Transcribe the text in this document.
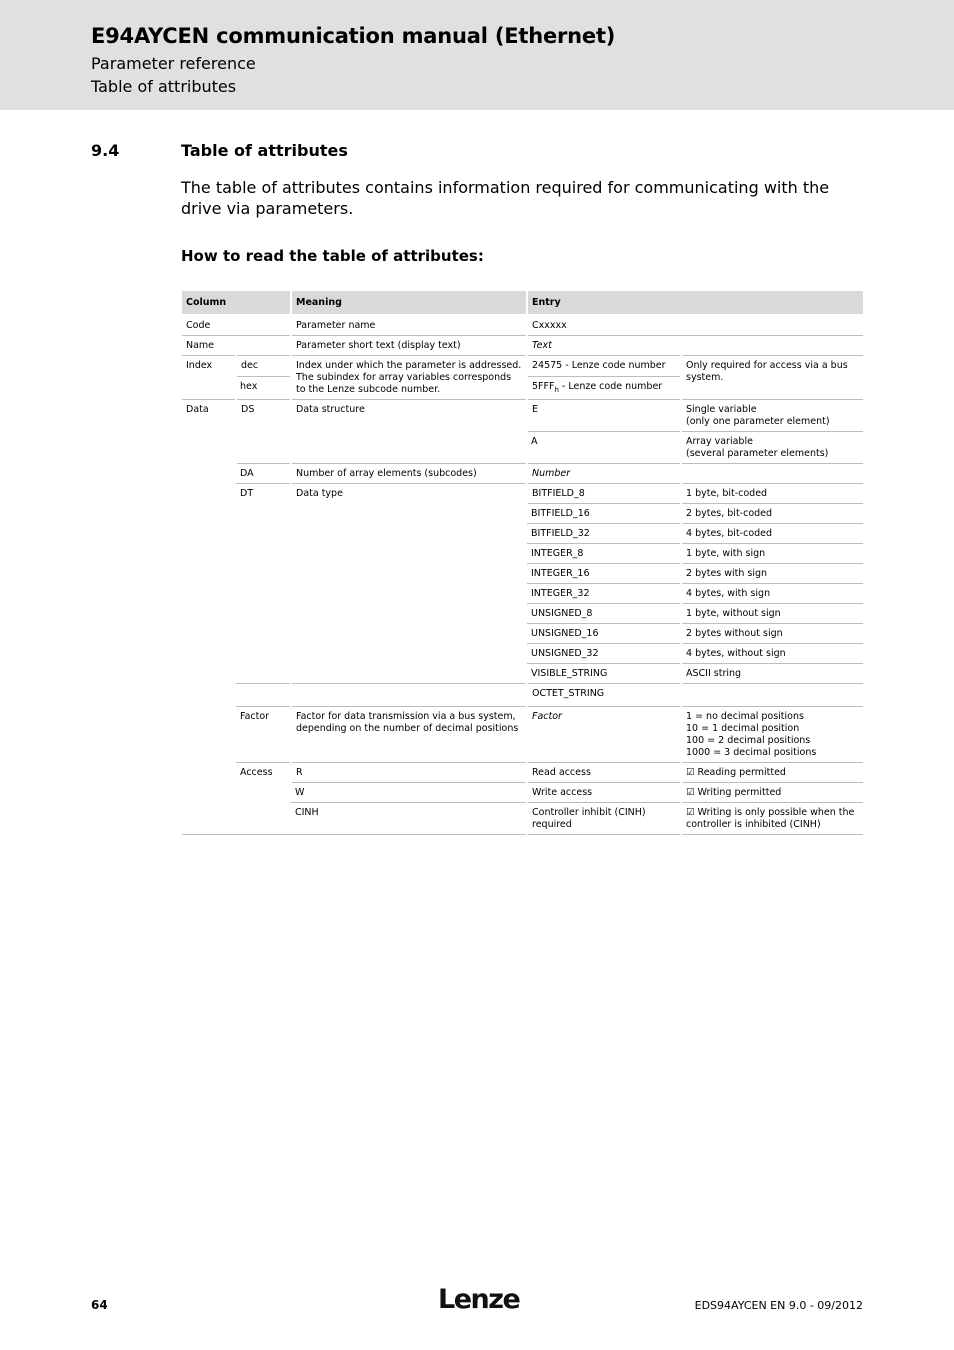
E94AYCEN communication manual (Ethernet)
Parameter reference
Table of attributes
9.4	Table of attributes
The table of attributes contains information required for communicating with the drive via parameters.
How to read the table of attributes:
Column		Meaning	Entry	
Code		Parameter name	Cxxxxx	
Name		Parameter short text (display text)	Text	
Index	dec	Index under which the parameter is addressed. The subindex for array variables corresponds to the Lenze subcode number.	24575 - Lenze code number	Only required for access via a bus system.
	hex		$5FFF_h$ - Lenze code number	
Data	DS	Data structure	E	Single variable
(only one parameter element)

			A	Array variable
(several parameter elements)

	DA	Number of array elements (subcodes)	Number	
	DT	Data type	BITFIELD_8	1 byte, bit-coded
			BITFIELD_16	2 bytes, bit-coded
			BITFIELD_32	4 bytes, bit-coded
			INTEGER_8	1 byte, with sign
			INTEGER_16	2 bytes with sign
			INTEGER_32	4 bytes, with sign
			UNSIGNED_8	1 byte, without sign
			UNSIGNED_16	2 bytes without sign
			UNSIGNED_32	4 bytes, without sign
			VISIBLE_STRING	ASCII string
			OCTET_STRING	
	Factor	Factor for data transmission via a bus system, depending on the number of decimal positions	Factor	1 = no decimal positions
10 = 1 decimal position
100 = 2 decimal positions
1000 = 3 decimal positions

	Access	R	Read access	☑ Reading permitted
		W	Write access	☑ Writing permitted
		CINH	Controller inhibit (CINH) required	☑ Writing is only possible when the controller is inhibited (CINH)
64	Lenze	EDS94AYCEN EN 9.0 - 09/2012
